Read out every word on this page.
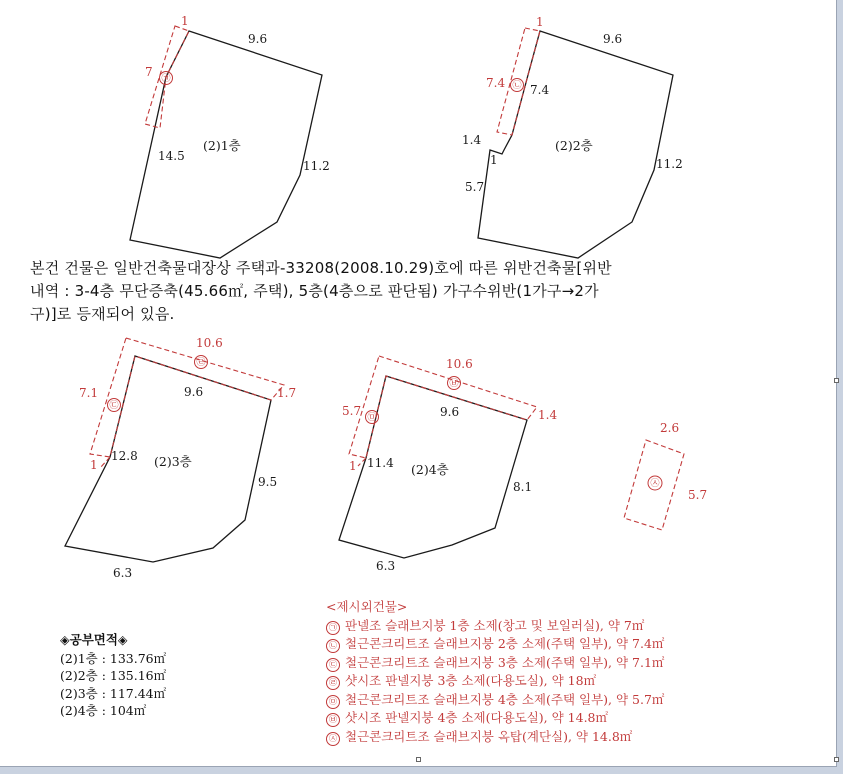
1
7 ㉠
9.6
14.5
11.2
(2)1층
1
7.4 ㉡ 7.4
9.6
1.4
1
5.7
11.2
(2)2층
10.6
㉣
7.1
㉢
1.7
1
9.6
12.8
9.5
6.3
(2)3층
10.6
㉥
5.7 ㉤	1.4
1
9.6
11.4
8.1
6.3
(2)4층
㉦
2.6
5.7
본건 건물은 일반건축물대장상 주택과-33208(2008.10.29)호에 따른 위반건축물[위반
내역 : 3-4층 무단증축(45.66㎡, 주택), 5층(4층으로 판단됨) 가구수위반(1가구→2가
구)]로 등재되어 있음.
◈공부면적◈
(2)1층 : 133.76㎡
(2)2층 : 135.16㎡
(2)3층 : 117.44㎡
(2)4층 : 104㎡
<제시외건물>
㉠ 판넬조 슬래브지붕 1층 소제(창고 및 보일러실), 약 7㎡
㉡ 철근콘크리트조 슬래브지붕 2층 소제(주택 일부), 약 7.4㎡
㉢ 철근콘크리트조 슬래브지붕 3층 소제(주택 일부), 약 7.1㎡
㉣ 샷시조 판넬지붕 3층 소제(다용도실), 약 18㎡
㉤ 철근콘크리트조 슬래브지붕 4층 소제(주택 일부), 약 5.7㎡
㉥ 샷시조 판넬지붕 4층 소제(다용도실), 약 14.8㎡
㉦ 철근콘크리트조 슬래브지붕 옥탑(계단실), 약 14.8㎡
